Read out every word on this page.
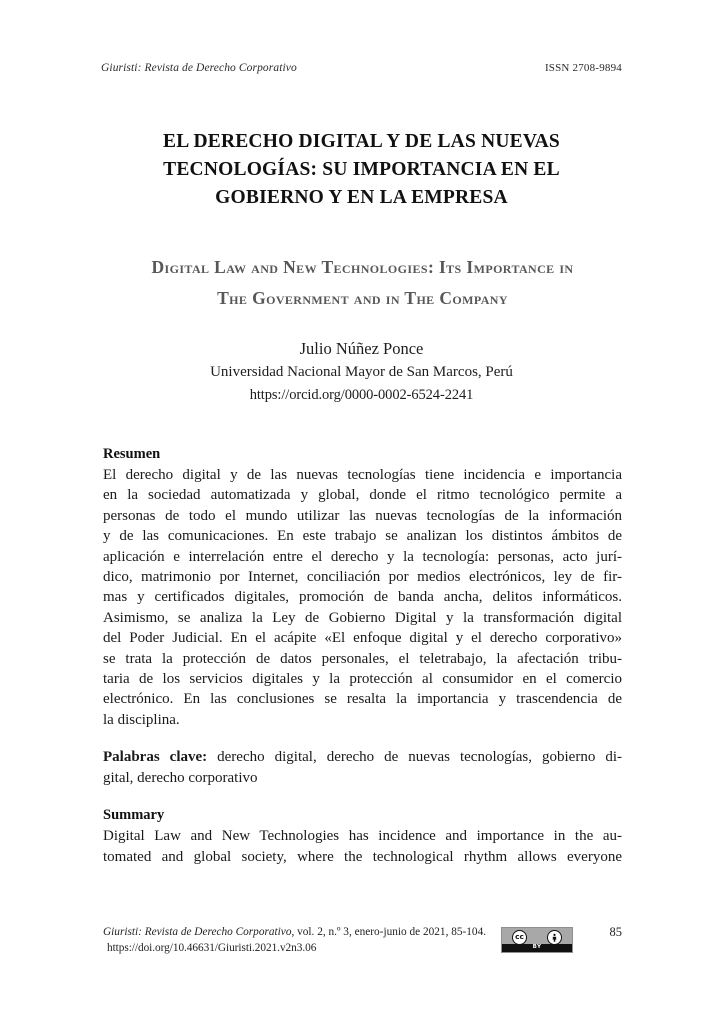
Giuristi: Revista de Derecho Corporativo	ISSN 2708-9894
EL DERECHO DIGITAL Y DE LAS NUEVAS
TECNOLOGÍAS: SU IMPORTANCIA EN EL
GOBIERNO Y EN LA EMPRESA
Digital Law and New Technologies: Its Importance in
The Government and in The Company
Julio Núñez Ponce
Universidad Nacional Mayor de San Marcos, Perú
https://orcid.org/0000-0002-6524-2241
Resumen

El derecho digital y de las nuevas tecnologías tiene incidencia e importancia
en la sociedad automatizada y global, donde el ritmo tecnológico permite a
personas de todo el mundo utilizar las nuevas tecnologías de la información
y de las comunicaciones. En este trabajo se analizan los distintos ámbitos de
aplicación e interrelación entre el derecho y la tecnología: personas, acto jurí-
dico, matrimonio por Internet, conciliación por medios electrónicos, ley de fir-
mas y certificados digitales, promoción de banda ancha, delitos informáticos.
Asimismo, se analiza la Ley de Gobierno Digital y la transformación digital
del Poder Judicial. En el acápite «El enfoque digital y el derecho corporativo»
se trata la protección de datos personales, el teletrabajo, la afectación tribu-
taria de los servicios digitales y la protección al consumidor en el comercio
electrónico. En las conclusiones se resalta la importancia y trascendencia de
la disciplina.

Palabras clave: derecho digital, derecho de nuevas tecnologías, gobierno di-
gital, derecho corporativo

Summary

Digital Law and New Technologies has incidence and importance in the au-
tomated and global society, where the technological rhythm allows everyone

Giuristi: Revista de Derecho Corporativo, vol. 2, n.º 3, enero-junio de 2021, 85-104.
https://doi.org/10.46631/Giuristi.2021.v2n3.06
cc
BY
85
